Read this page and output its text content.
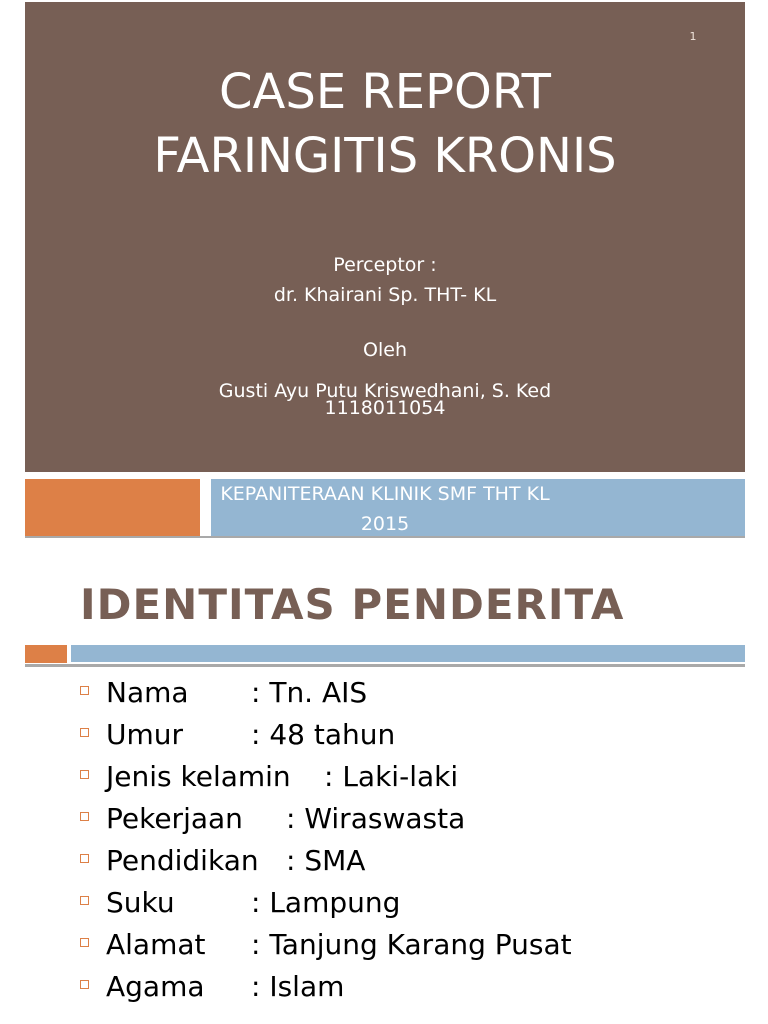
1
CASE REPORT
FARINGITIS KRONIS
Perceptor :
dr. Khairani Sp. THT- KL
Oleh
Gusti Ayu Putu Kriswedhani, S. Ked
1118011054
KEPANITERAAN KLINIK SMF THT KL
2015
IDENTITAS PENDERITA
Nama : Tn. AIS
Umur : 48 tahun
Jenis kelamin : Laki-laki
Pekerjaan : Wiraswasta
Pendidikan : SMA
Suku	: Lampung
Alamat : Tanjung Karang Pusat
Agama : Islam
